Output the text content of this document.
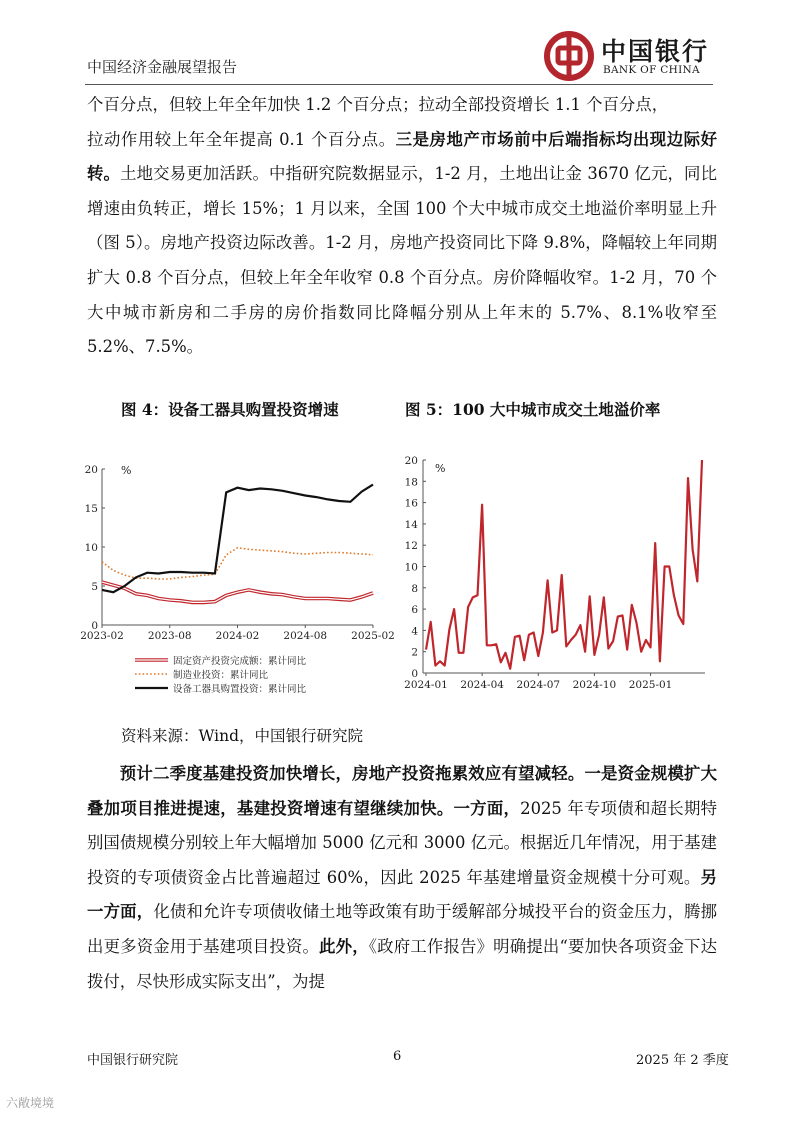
中国经济金融展望报告
中国银行
BANK OF CHINA

个百分点，但较上年全年加快 1.2 个百分点；拉动全部投资增长 1.1 个百分点，

拉动作用较上年全年提高 0.1 个百分点。三是房地产市场前中后端指标均出现边际好转。土地交易更加活跃。中指研究院数据显示，1-2 月，土地出让金 3670 亿元，同比增速由负转正，增长 15%；1 月以来，全国 100 个大中城市成交土地溢价率明显上升（图 5）。房地产投资边际改善。1-2 月，房地产投资同比下降 9.8%，降幅较上年同期扩大 0.8 个百分点，但较上年全年收窄 0.8 个百分点。房价降幅收窄。1-2 月，70 个大中城市新房和二手房的房价指数同比降幅分别从上年末的 5.7%、8.1%收窄至 5.2%、7.5%。

图 4：设备工器具购置投资增速	图 5：100 大中城市成交土地溢价率
0
5
10
15
20 %
2023-02 2023-08 2024-02 2024-08 2025-02
固定资产投资完成额：累计同比
制造业投资：累计同比
设备工器具购置投资：累计同比
0
2
4
6
8
10
12
14
16
18
20
%
2024-01 2024-04 2024-07 2024-10 2025-01
资料来源：Wind，中国银行研究院

预计二季度基建投资加快增长，房地产投资拖累效应有望减轻。一是资金规模扩大叠加项目推进提速，基建投资增速有望继续加快。一方面，2025 年专项债和超长期特别国债规模分别较上年大幅增加 5000 亿元和 3000 亿元。根据近几年情况，用于基建投资的专项债资金占比普遍超过 60%，因此 2025 年基建增量资金规模十分可观。另一方面，化债和允许专项债收储土地等政策有助于缓解部分城投平台的资金压力，腾挪出更多资金用于基建项目投资。此外，《政府工作报告》明确提出“要加快各项资金下达拨付，尽快形成实际支出”，为提

中国银行研究院	6	2025 年 2 季度
六敞境境
